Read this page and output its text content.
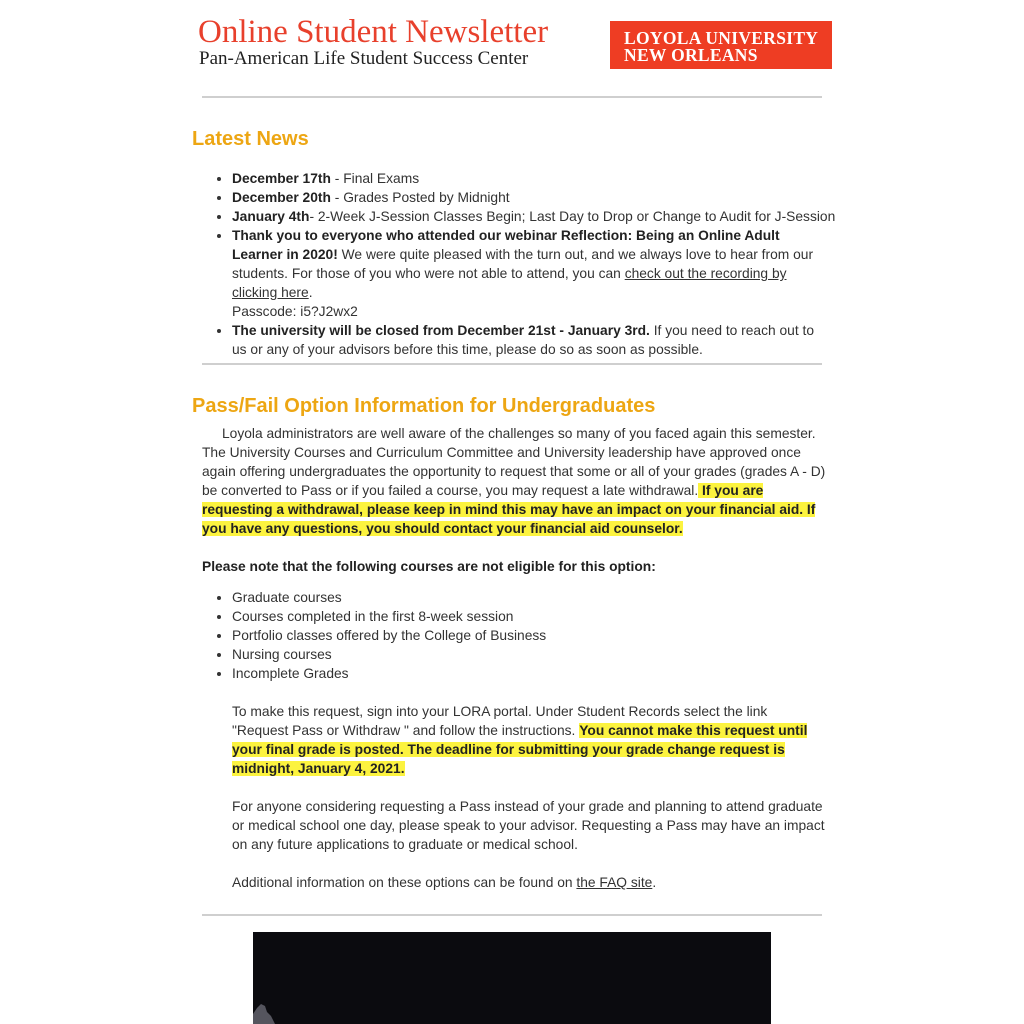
Online Student Newsletter
Pan-American Life Student Success Center
LOYOLA UNIVERSITY
NEW ORLEANS
Latest News
• December 17th - Final Exams
• December 20th - Grades Posted by Midnight
• January 4th- 2-Week J-Session Classes Begin; Last Day to Drop or Change to Audit for J-Session
• Thank you to everyone who attended our webinar Reflection: Being an Online Adult Learner in 2020! We were quite pleased with the turn out, and we always love to hear from our students. For those of you who were not able to attend, you can check out the recording by clicking here.
Passcode: i5?J2wx2
• The university will be closed from December 21st - January 3rd. If you need to reach out to us or any of your advisors before this time, please do so as soon as possible.
Pass/Fail Option Information for Undergraduates
Loyola administrators are well aware of the challenges so many of you faced again this semester. The University Courses and Curriculum Committee and University leadership have approved once again offering undergraduates the opportunity to request that some or all of your grades (grades A - D) be converted to Pass or if you failed a course, you may request a late withdrawal. If you are requesting a withdrawal, please keep in mind this may have an impact on your financial aid. If you have any questions, you should contact your financial aid counselor.
Please note that the following courses are not eligible for this option:
• Graduate courses
• Courses completed in the first 8-week session
• Portfolio classes offered by the College of Business
• Nursing courses
• Incomplete Grades
To make this request, sign into your LORA portal. Under Student Records select the link "Request Pass or Withdraw " and follow the instructions. You cannot make this request until
your final grade is posted. The deadline for submitting your grade change request is midnight, January 4, 2021.
For anyone considering requesting a Pass instead of your grade and planning to attend graduate or medical school one day, please speak to your advisor. Requesting a Pass may have an impact on any future applications to graduate or medical school.
Additional information on these options can be found on the FAQ site.
